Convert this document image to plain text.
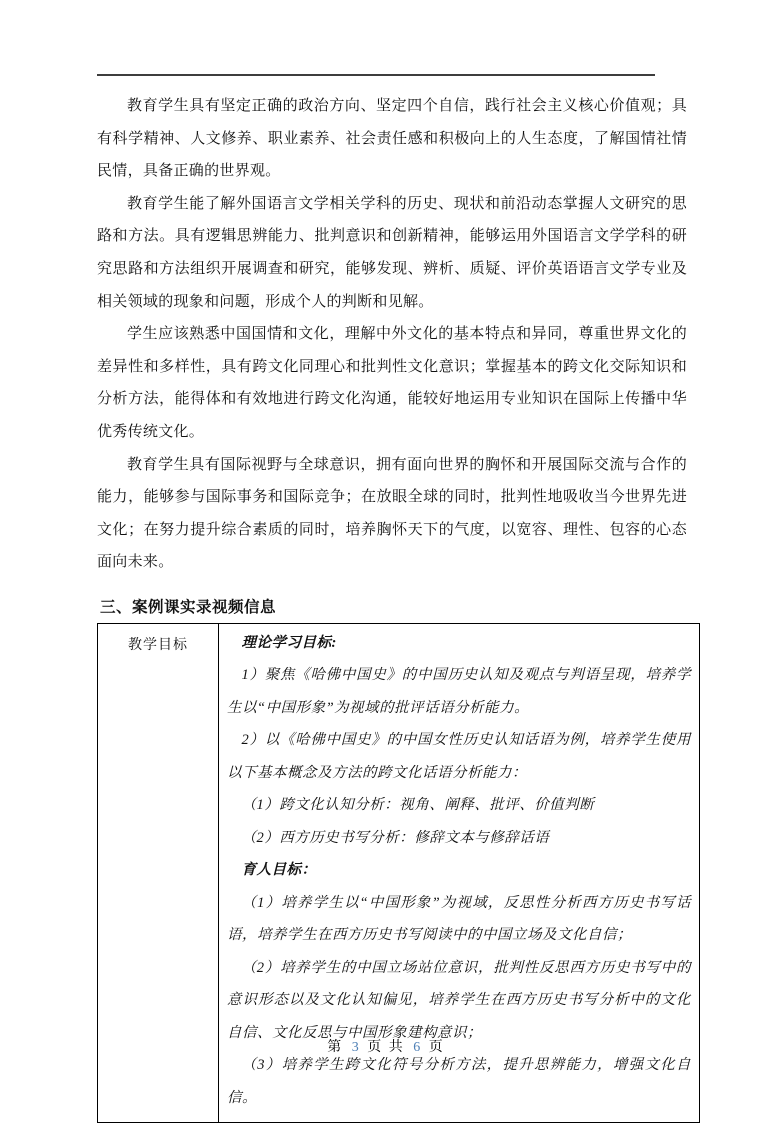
教育学生具有坚定正确的政治方向、坚定四个自信，践行社会主义核心价值观；具有科学精神、人文修养、职业素养、社会责任感和积极向上的人生态度，了解国情社情民情，具备正确的世界观。

教育学生能了解外国语言文学相关学科的历史、现状和前沿动态掌握人文研究的思路和方法。具有逻辑思辨能力、批判意识和创新精神，能够运用外国语言文学学科的研究思路和方法组织开展调查和研究，能够发现、辨析、质疑、评价英语语言文学专业及相关领域的现象和问题，形成个人的判断和见解。

学生应该熟悉中国国情和文化，理解中外文化的基本特点和异同，尊重世界文化的差异性和多样性，具有跨文化同理心和批判性文化意识；掌握基本的跨文化交际知识和分析方法，能得体和有效地进行跨文化沟通，能较好地运用专业知识在国际上传播中华优秀传统文化。

教育学生具有国际视野与全球意识，拥有面向世界的胸怀和开展国际交流与合作的能力，能够参与国际事务和国际竞争；在放眼全球的同时，批判性地吸收当今世界先进文化；在努力提升综合素质的同时，培养胸怀天下的气度，以宽容、理性、包容的心态面向未来。

三、案例课实录视频信息
教学目标	理论学习目标:

1）聚焦《哈佛中国史》的中国历史认知及观点与判语呈现，培养学生以“中国形象”为视域的批评话语分析能力。

2）以《哈佛中国史》的中国女性历史认知话语为例，培养学生使用以下基本概念及方法的跨文化话语分析能力：

（1）跨文化认知分析：视角、阐释、批评、价值判断

（2）西方历史书写分析：修辞文本与修辞话语

育人目标：

（1）培养学生以“中国形象”为视域，反思性分析西方历史书写话语，培养学生在西方历史书写阅读中的中国立场及文化自信；

（2）培养学生的中国立场站位意识，批判性反思西方历史书写中的意识形态以及文化认知偏见，培养学生在西方历史书写分析中的文化自信、文化反思与中国形象建构意识；

（3）培养学生跨文化符号分析方法，提升思辨能力，增强文化自信。

第 3 页 共 6 页
